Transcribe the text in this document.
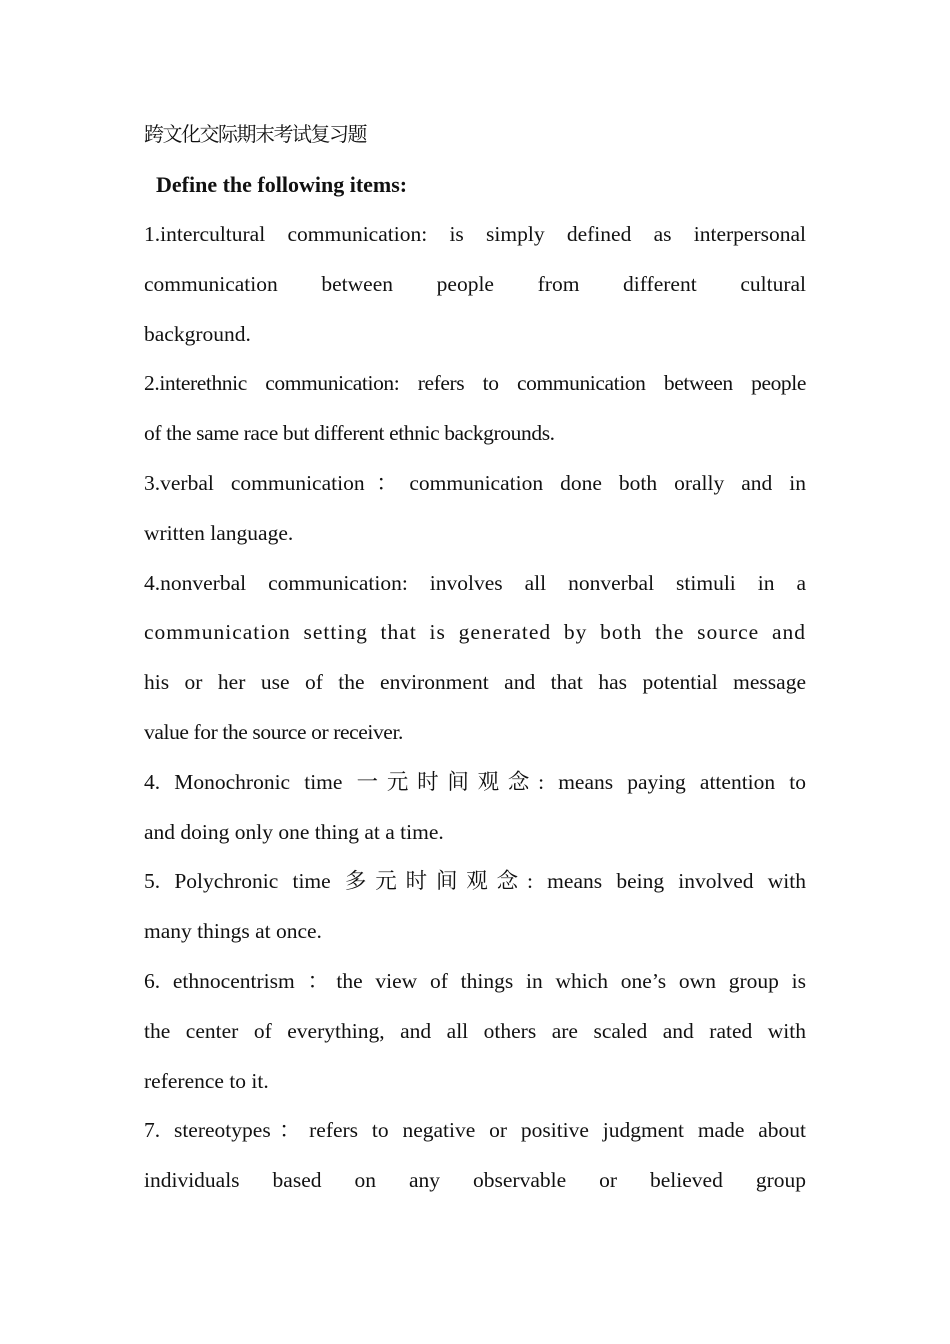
跨文化交际期末考试复习题
Define the following items:
1.intercultural communication: is simply defined as interpersonal
communication between people from different cultural
background.
2.interethnic communication: refers to communication between people
of the same race but different ethnic backgrounds.
3.verbal communication：communication done both orally and in
written language.
4.nonverbal communication: involves all nonverbal stimuli in a
communication setting that is generated by both the source and
his or her use of the environment and that has potential message
value for the source or receiver.
4. Monochronic time 一元时间观念: means paying attention to
and doing only one thing at a time.
5. Polychronic time 多元时间观念: means being involved with
many things at once.
6. ethnocentrism ：the view of things in which one’s own group is
the center of everything, and all others are scaled and rated with
reference to it.
7. stereotypes：refers to negative or positive judgment made about
individuals based on any observable or believed group
